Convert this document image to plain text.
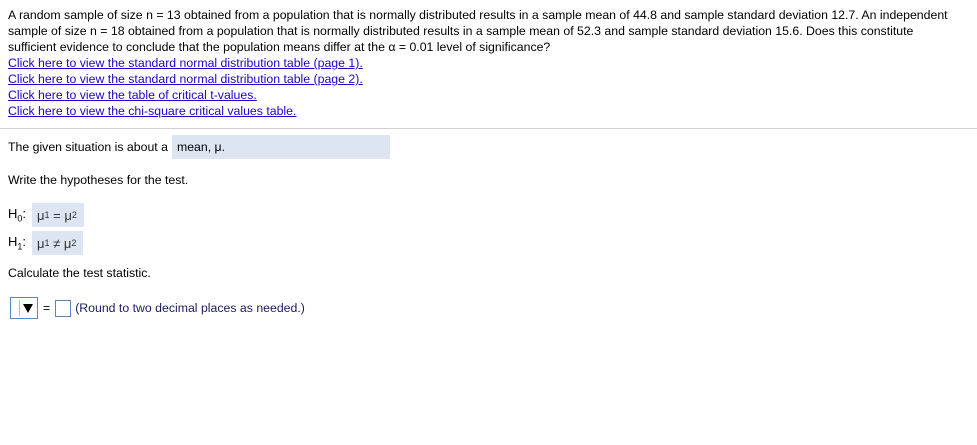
A random sample of size n = 13 obtained from a population that is normally distributed results in a sample mean of 44.8 and sample standard deviation 12.7. An independent sample of size n = 18 obtained from a population that is normally distributed results in a sample mean of 52.3 and sample standard deviation 15.6. Does this constitute sufficient evidence to conclude that the population means differ at the α = 0.01 level of significance?

Click here to view the standard normal distribution table (page 1).
Click here to view the standard normal distribution table (page 2).
Click here to view the table of critical t-values.
Click here to view the chi-square critical values table.
The given situation is about a mean, μ.
Write the hypotheses for the test.
$H_0$: μ 1
=
μ 2
$H_1$: μ 1
≠
μ 2
Calculate the test statistic.
= (Round to two decimal places as needed.)
